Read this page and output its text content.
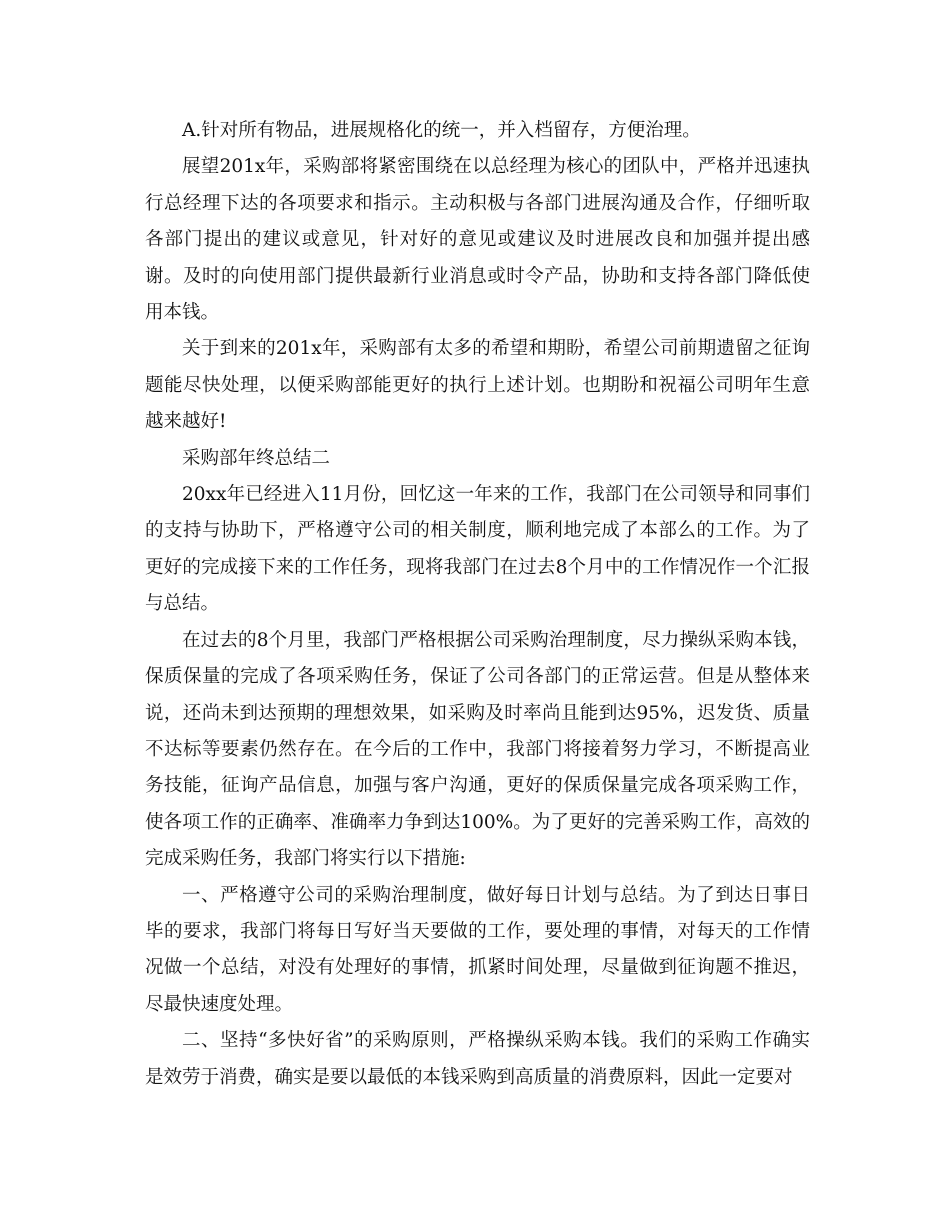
A.针对所有物品，进展规格化的统一，并入档留存，方便治理。

展望201x年，采购部将紧密围绕在以总经理为核心的团队中，严格并迅速执行总经理下达的各项要求和指示。主动积极与各部门进展沟通及合作，仔细听取各部门提出的建议或意见，针对好的意见或建议及时进展改良和加强并提出感谢。及时的向使用部门提供最新行业消息或时令产品，协助和支持各部门降低使用本钱。

关于到来的201x年，采购部有太多的希望和期盼，希望公司前期遗留之征询题能尽快处理，以便采购部能更好的执行上述计划。也期盼和祝福公司明年生意越来越好!

采购部年终总结二

20xx年已经进入11月份，回忆这一年来的工作，我部门在公司领导和同事们的支持与协助下，严格遵守公司的相关制度，顺利地完成了本部么的工作。为了更好的完成接下来的工作任务，现将我部门在过去8个月中的工作情况作一个汇报与总结。

在过去的8个月里，我部门严格根据公司采购治理制度，尽力操纵采购本钱，保质保量的完成了各项采购任务，保证了公司各部门的正常运营。但是从整体来说，还尚未到达预期的理想效果，如采购及时率尚且能到达95%，迟发货、质量不达标等要素仍然存在。在今后的工作中，我部门将接着努力学习，不断提高业务技能，征询产品信息，加强与客户沟通，更好的保质保量完成各项采购工作，使各项工作的正确率、准确率力争到达100%。为了更好的完善采购工作，高效的完成采购任务，我部门将实行以下措施:

一、严格遵守公司的采购治理制度，做好每日计划与总结。为了到达日事日毕的要求，我部门将每日写好当天要做的工作，要处理的事情，对每天的工作情况做一个总结，对没有处理好的事情，抓紧时间处理，尽量做到征询题不推迟，尽最快速度处理。

二、坚持“多快好省”的采购原则，严格操纵采购本钱。我们的采购工作确实是效劳于消费，确实是要以最低的本钱采购到高质量的消费原料，因此一定要对
